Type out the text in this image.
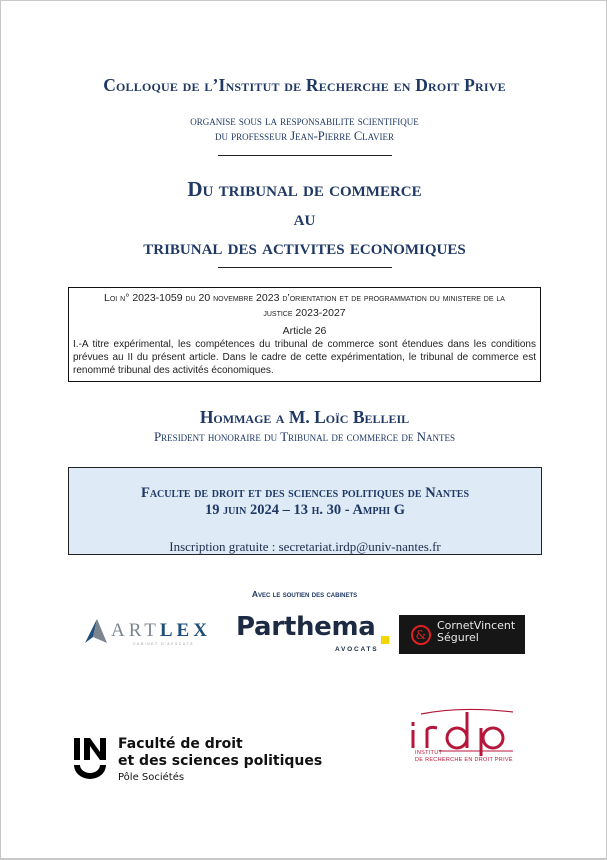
Colloque de l’Institut de Recherche en Droit Prive
organise sous la responsabilite scientifique
du professeur Jean-Pierre Clavier
Du tribunal de commerce
au
tribunal des activites economiques
Loi n° 2023-1059 du 20 novembre 2023 d’orientation et de programmation du ministere de la
justice 2023-2027
Article 26
I.-A titre expérimental, les compétences du tribunal de commerce sont étendues dans les conditions prévues au II du présent article. Dans le cadre de cette expérimentation, le tribunal de commerce est renommé tribunal des activités économiques.
Hommage a M. Loïc Belleil
President honoraire du Tribunal de commerce de Nantes
Faculte de droit et des sciences politiques de Nantes
19 juin 2024 – 13 h. 30 - Amphi G
Inscription gratuite : secretariat.irdp@univ-nantes.fr
Avec le soutien des cabinets
ARTLEX
CABINET D'AVOCATS
Parthema
AVOCATS
&
CornetVincent
Ségurel
Faculté de droit
et des sciences politiques
Pôle Sociétés
INSTITUT
DE RECHERCHE EN DROIT PRIVÉ
